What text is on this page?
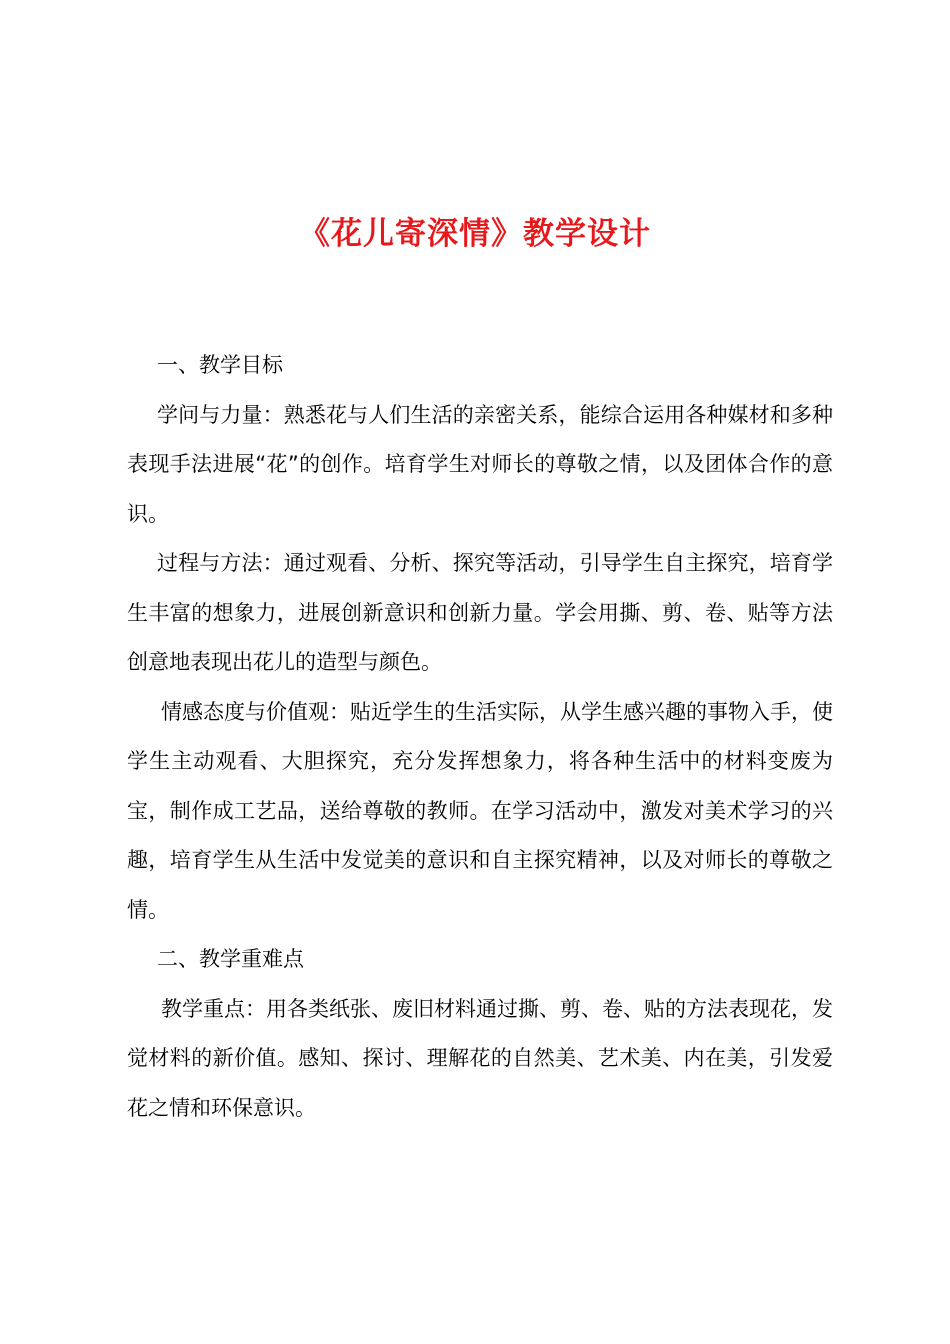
《花儿寄深情》教学设计

一、教学目标

学问与力量：熟悉花与人们生活的亲密关系，能综合运用各种媒材和多种表现手法进展“花”的创作。培育学生对师长的尊敬之情，以及团体合作的意识。

过程与方法：通过观看、分析、探究等活动，引导学生自主探究，培育学生丰富的想象力，进展创新意识和创新力量。学会用撕、剪、卷、贴等方法创意地表现出花儿的造型与颜色。

情感态度与价值观：贴近学生的生活实际，从学生感兴趣的事物入手，使学生主动观看、大胆探究，充分发挥想象力，将各种生活中的材料变废为宝，制作成工艺品，送给尊敬的教师。在学习活动中，激发对美术学习的兴趣，培育学生从生活中发觉美的意识和自主探究精神，以及对师长的尊敬之情。

二、教学重难点

教学重点：用各类纸张、废旧材料通过撕、剪、卷、贴的方法表现花，发觉材料的新价值。感知、探讨、理解花的自然美、艺术美、内在美，引发爱花之情和环保意识。
